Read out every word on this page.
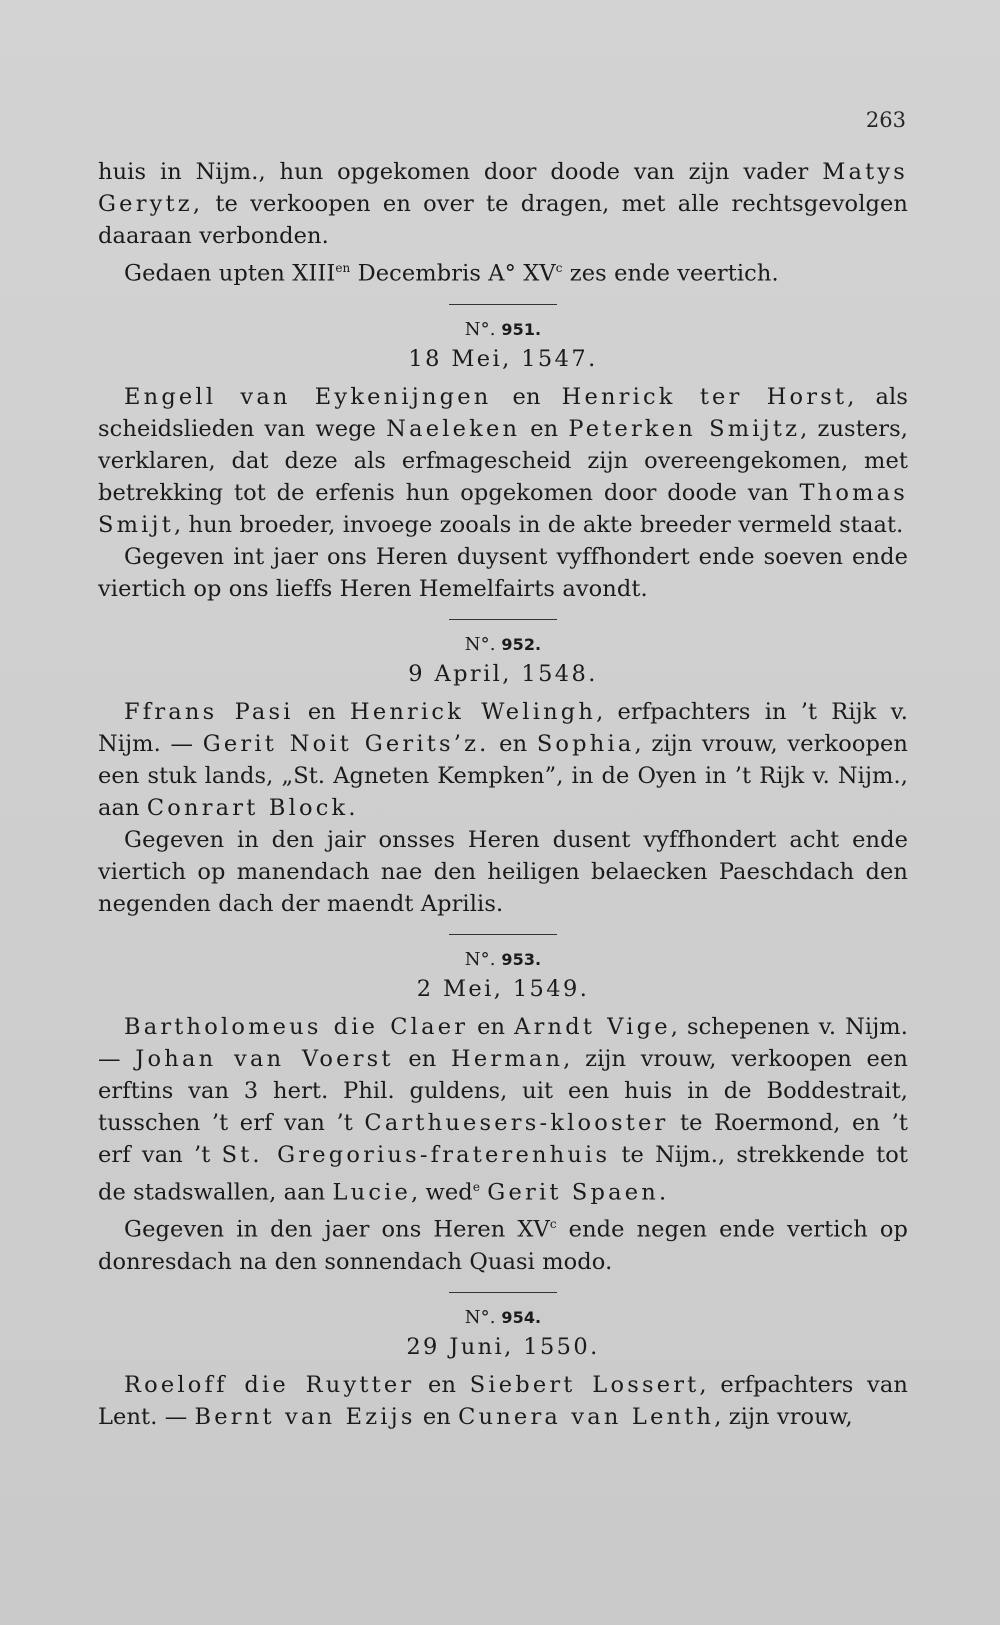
263

huis in Nijm., hun opgekomen door doode van zijn vader Matys Gerytz, te verkoopen en over te dragen, met alle rechtsgevolgen daaraan verbonden.

Gedaen upten $XIII^{en}$ Decembris A° $XV^c$ zes ende veertich.

N°. 951.
18 Mei, 1547.

Engell van Eykenijngen en Henrick ter Horst, als scheidslieden van wege Naeleken en Peterken Smijtz, zusters, verklaren, dat deze als erfmagescheid zijn overeengekomen, met betrekking tot de erfenis hun opgekomen door doode van Thomas Smijt, hun broeder, invoege zooals in de akte breeder vermeld staat.

Gegeven int jaer ons Heren duysent vyffhondert ende soeven ende viertich op ons lieffs Heren Hemelfairts avondt.

N°. 952.
9 April, 1548.

Ffrans Pasi en Henrick Welingh, erfpachters in ’t Rijk v. Nijm. — Gerit Noit Gerits’z. en Sophia, zijn vrouw, verkoopen een stuk lands, „St. Agneten Kempken”, in de Oyen in ’t Rijk v. Nijm., aan Conrart Block.

Gegeven in den jair onsses Heren dusent vyffhondert acht ende viertich op manendach nae den heiligen belaecken Paeschdach den negenden dach der maendt Aprilis.

N°. 953.
2 Mei, 1549.

Bartholomeus die Claer en Arndt Vige, schepenen v. Nijm. — Johan van Voerst en Herman, zijn vrouw, verkoopen een erftins van 3 hert. Phil. guldens, uit een huis in de Boddestrait, tusschen ’t erf van ’t Carthuesers-klooster te Roermond, en ’t erf van ’t St. Gregorius-fraterenhuis te Nijm., strekkende tot de stadswallen, aan Lucie, wed$^e$ Gerit Spaen.

Gegeven in den jaer ons Heren $XV^c$ ende negen ende vertich op donresdach na den sonnendach Quasi modo.

N°. 954.
29 Juni, 1550.

Roeloff die Ruytter en Siebert Lossert, erfpachters van Lent. — Bernt van Ezijs en Cunera van Lenth, zijn vrouw,
